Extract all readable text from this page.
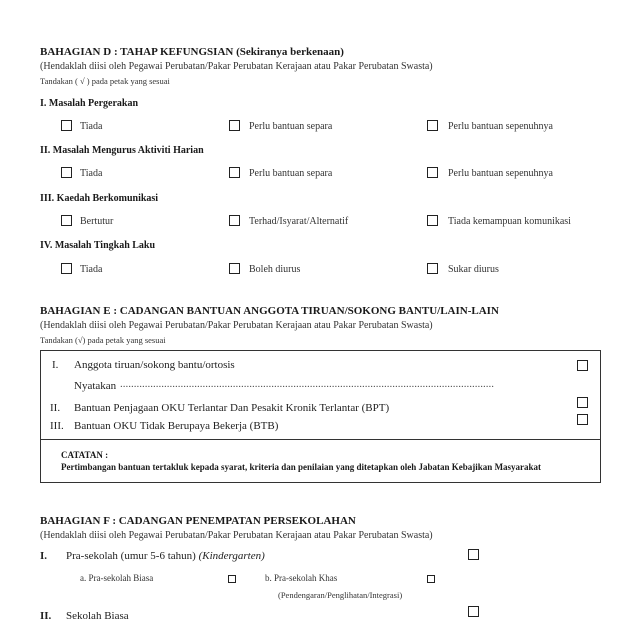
BAHAGIAN D : TAHAP KEFUNGSIAN (Sekiranya berkenaan)
(Hendaklah diisi oleh Pegawai Perubatan/Pakar Perubatan Kerajaan atau Pakar Perubatan Swasta)
Tandakan ( √ ) pada petak yang sesuai
I. Masalah Pergerakan
Tiada	Perlu bantuan separa	Perlu bantuan sepenuhnya
II. Masalah Mengurus Aktiviti Harian
Tiada	Perlu bantuan separa	Perlu bantuan sepenuhnya
III. Kaedah Berkomunikasi
Bertutur	Terhad/Isyarat/Alternatif	Tiada kemampuan komunikasi
IV. Masalah Tingkah Laku
Tiada	Boleh diurus	Sukar diurus
BAHAGIAN E : CADANGAN BANTUAN ANGGOTA TIRUAN/SOKONG BANTU/LAIN-LAIN
(Hendaklah diisi oleh Pegawai Perubatan/Pakar Perubatan Kerajaan atau Pakar Perubatan Swasta)
Tandakan (√) pada petak yang sesuai
I. Anggota tiruan/sokong bantu/ortosis
Nyatakan ........................................................................................................................................
II. Bantuan Penjagaan OKU Terlantar Dan Pesakit Kronik Terlantar (BPT)
III. Bantuan OKU Tidak Berupaya Bekerja (BTB)
CATATAN :
Pertimbangan bantuan tertakluk kepada syarat, kriteria dan penilaian yang ditetapkan oleh Jabatan Kebajikan Masyarakat
BAHAGIAN F : CADANGAN PENEMPATAN PERSEKOLAHAN
(Hendaklah diisi oleh Pegawai Perubatan/Pakar Perubatan Kerajaan atau Pakar Perubatan Swasta)
I. Pra-sekolah (umur 5-6 tahun) (Kindergarten)
a. Pra-sekolah Biasa	b. Pra-sekolah Khas
(Pendengaran/Penglihatan/Integrasi)
II. Sekolah Biasa
